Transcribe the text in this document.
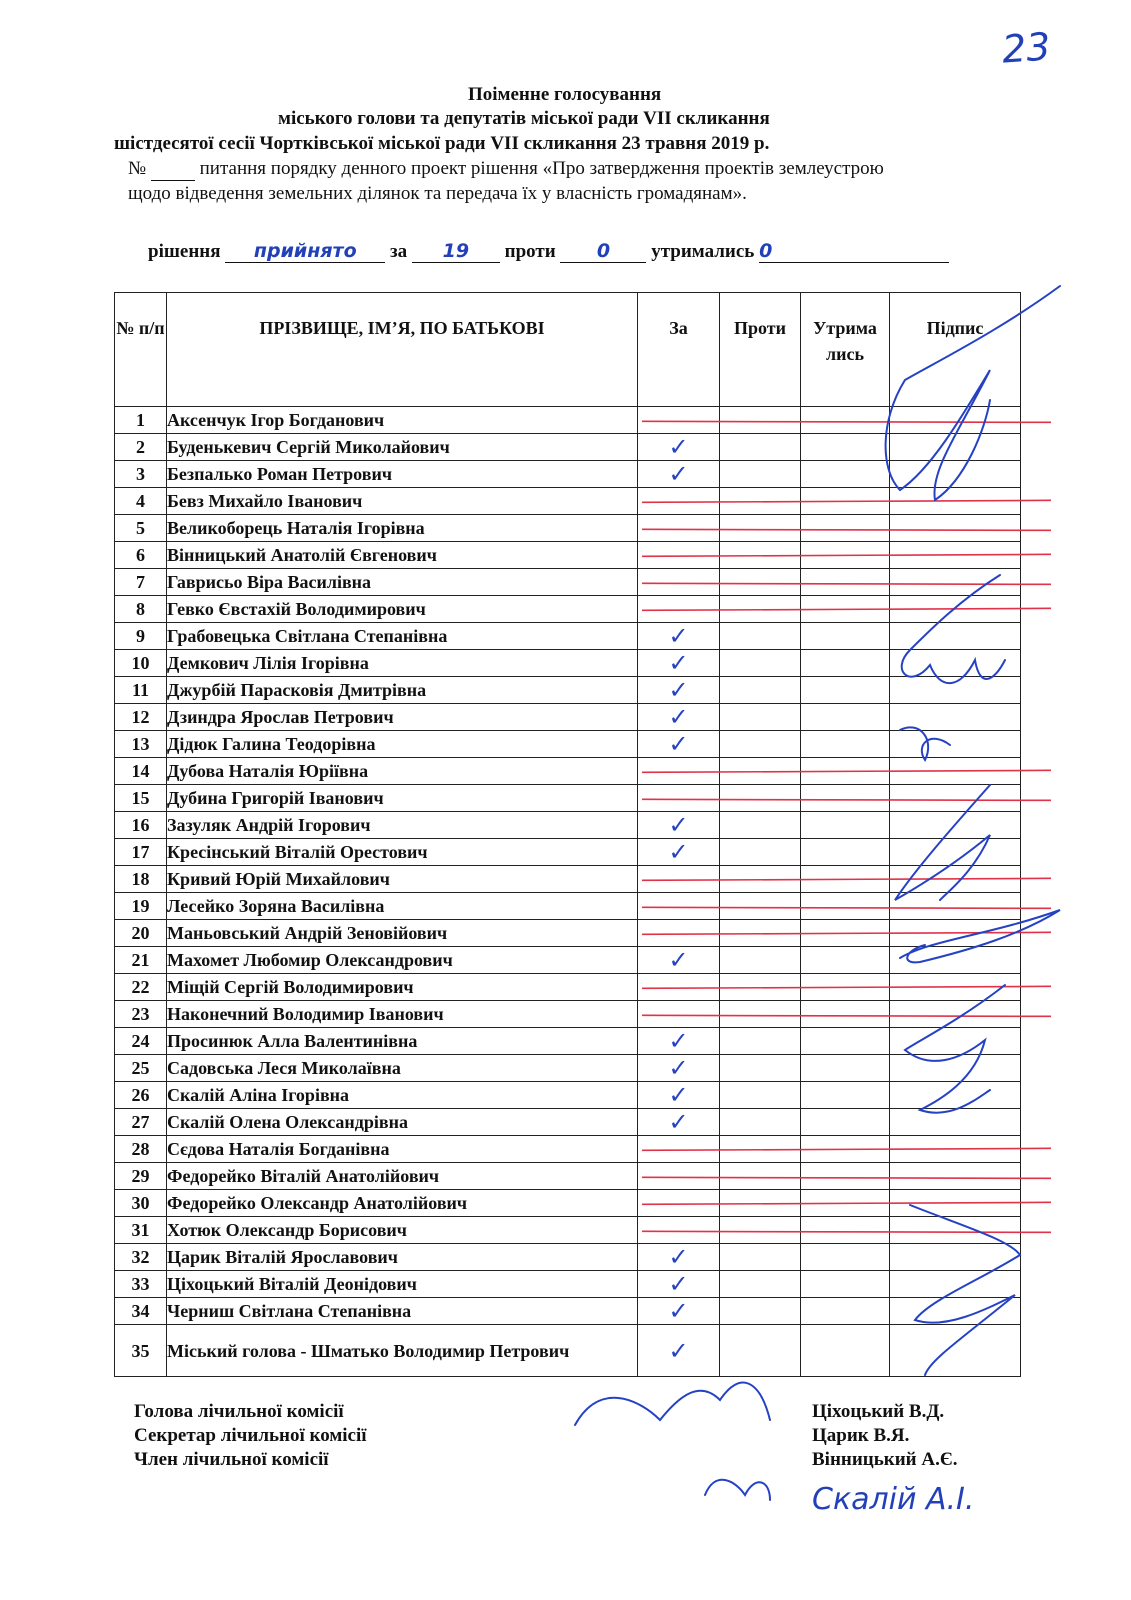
23
Поіменне голосування
міського голови та депутатів міської ради VII скликання
шістдесятої сесії Чортківської міської ради VII скликання 23 травня 2019 р.
№	питання порядку денного проект рішення «Про затвердження проектів землеустрою
щодо відведення земельних ділянок та передача їх у власність громадянам».
рішення прийнято за 19 проти 0 утримались 0
№ п/п	ПРІЗВИЩЕ, ІМ’Я, ПО БАТЬКОВІ	За	Проти	Утримались	Підпис
1	Аксенчук Ігор Богданович				
2	Буденькевич Сергій Миколайович	✓			
3	Безпалько Роман Петрович	✓			
4	Бевз Михайло Іванович				
5	Великоборець Наталія Ігорівна				
6	Вінницький Анатолій Євгенович				
7	Гаврисьо Віра Василівна				
8	Гевко Євстахій Володимирович				
9	Грабовецька Світлана Степанівна	✓			
10	Демкович Лілія Ігорівна	✓			
11	Джурбій Парасковія Дмитрівна	✓			
12	Дзиндра Ярослав Петрович	✓			
13	Дідюк Галина Теодорівна	✓			
14	Дубова Наталія Юріївна				
15	Дубина Григорій Іванович				
16	Зазуляк Андрій Ігорович	✓			
17	Кресінський Віталій Орестович	✓			
18	Кривий Юрій Михайлович				
19	Лесейко Зоряна Василівна				
20	Маньовський Андрій Зеновійович				
21	Махомет Любомир Олександрович	✓			
22	Міщій Сергій Володимирович				
23	Наконечний Володимир Іванович				
24	Просинюк Алла Валентинівна	✓			
25	Садовська Леся Миколаївна	✓			
26	Скалій Аліна Ігорівна	✓			
27	Скалій Олена Олександрівна	✓			
28	Сєдова Наталія Богданівна				
29	Федорейко Віталій Анатолійович				
30	Федорейко Олександр Анатолійович				
31	Хотюк Олександр Борисович				
32	Царик Віталій Ярославович	✓			
33	Ціхоцький Віталій Деонідович	✓			
34	Черниш Світлана Степанівна	✓			
35	Міський голова - Шматько Володимир Петрович	✓			
Голова лічильної комісії
Секретар лічильної комісії
Член лічильної комісії
Ціхоцький В.Д.
Царик В.Я.
Вінницький А.Є.
Скалій А.І.
